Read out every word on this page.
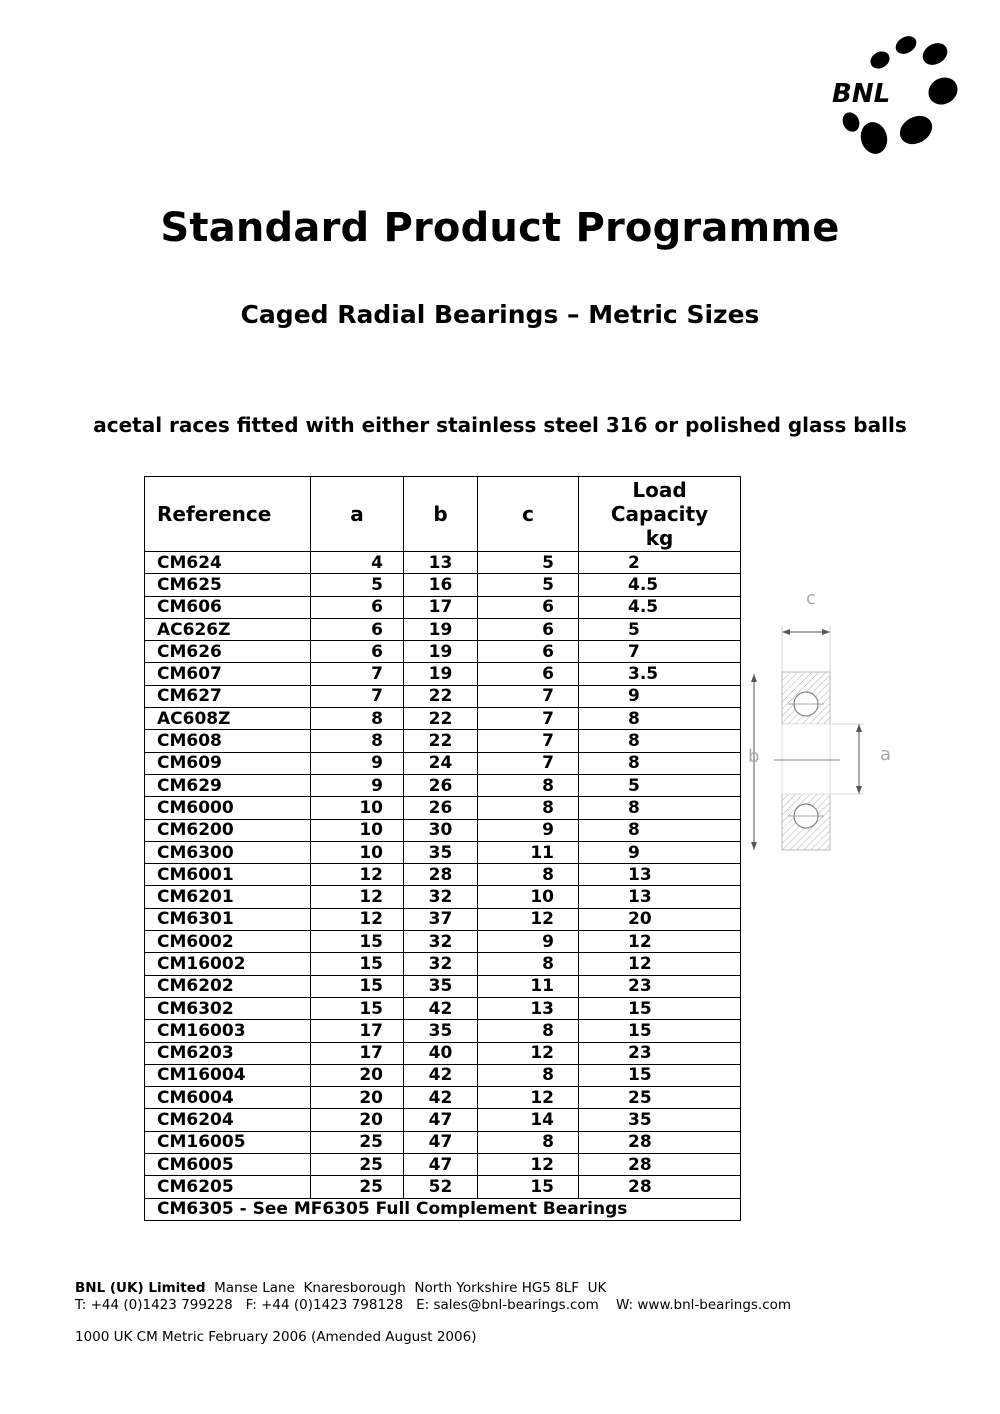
BNL
Standard Product Programme
Caged Radial Bearings – Metric Sizes
acetal races fitted with either stainless steel 316 or polished glass balls
Reference	a	b	c	Load
Capacity
kg
CM624	4	13	5	2
CM625	5	16	5	4.5
CM606	6	17	6	4.5
AC626Z	6	19	6	5
CM626	6	19	6	7
CM607	7	19	6	3.5
CM627	7	22	7	9
AC608Z	8	22	7	8
CM608	8	22	7	8
CM609	9	24	7	8
CM629	9	26	8	5
CM6000	10	26	8	8
CM6200	10	30	9	8
CM6300	10	35	11	9
CM6001	12	28	8	13
CM6201	12	32	10	13
CM6301	12	37	12	20
CM6002	15	32	9	12
CM16002	15	32	8	12
CM6202	15	35	11	23
CM6302	15	42	13	15
CM16003	17	35	8	15
CM6203	17	40	12	23
CM16004	20	42	8	15
CM6004	20	42	12	25
CM6204	20	47	14	35
CM16005	25	47	8	28
CM6005	25	47	12	28
CM6205	25	52	15	28
CM6305 - See MF6305 Full Complement Bearings				
c
b	a
BNL (UK) Limited  Manse Lane  Knaresborough  North Yorkshire HG5 8LF  UK
T: +44 (0)1423 799228   F: +44 (0)1423 798128   E: sales@bnl-bearings.com    W: www.bnl-bearings.com
1000 UK CM Metric February 2006 (Amended August 2006)
